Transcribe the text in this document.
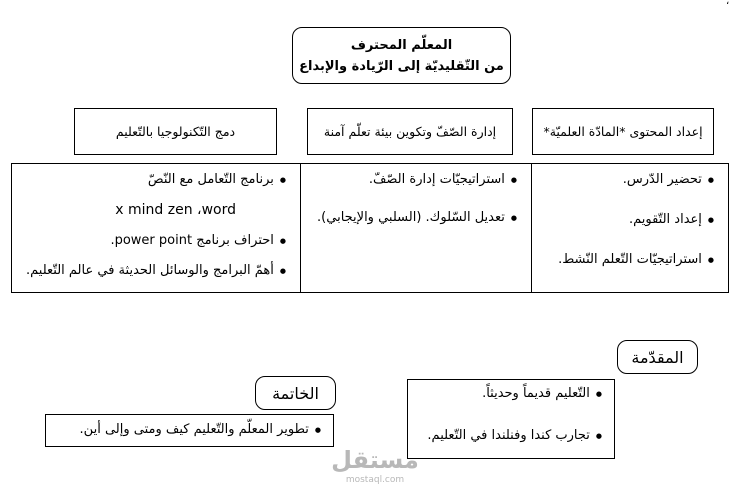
،
المعلّم المحترف
من التّقليديّة إلى الرّيادة والإبداع
دمج التّكنولوجيا بالتّعليم	إدارة الصّفّ وتكوين بيئة تعلّم آمنة	إعداد المحتوى *المادّة العلميّة*
● برنامج التّعامل مع النّصّ
x mind zen ،word
● احتراف برنامج power point.
● أهمّ البرامج والوسائل الحديثة في عالم التّعليم.
● استراتيجيّات إدارة الصّفّ.
● تعديل السّلوك. (السلبي والإيجابي).
● تحضير الدّرس.
● إعداد التّقويم.
● استراتيجيّات التّعلم النّشط.
المقدّمة
● التّعليم قديماً وحديثاً.
● تجارب كندا وفنلندا في التّعليم.
الخاتمة
● تطوير المعلّم والتّعليم كيف ومتى وإلى أين.
مستقل
mostaql.com
